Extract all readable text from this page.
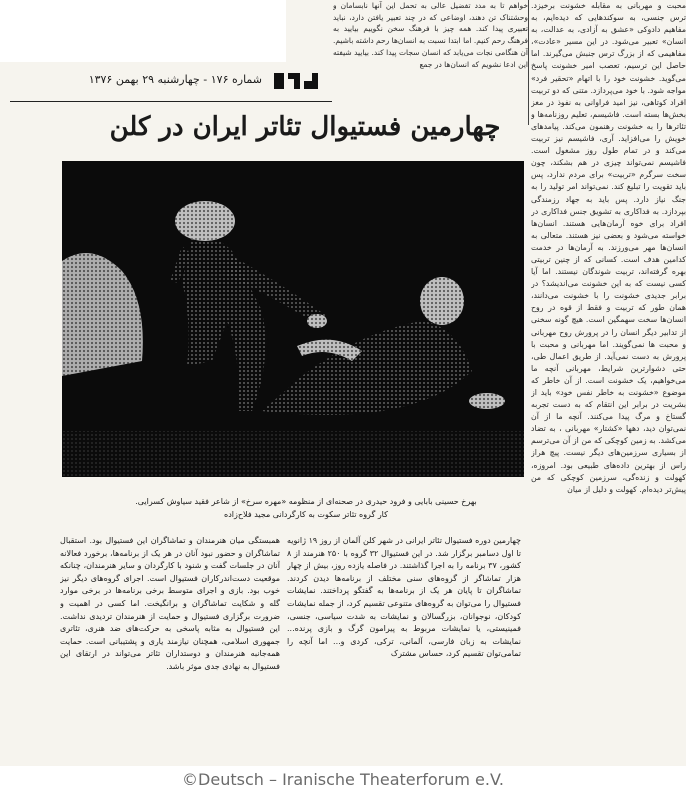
خواهم تا به مدد تفضیل عالی به تحمل این آنها نابسامان و وحشتناک تن دهند، اوضاعی که در چند تعبیر یافتن دارد، نباید تعبیری پیدا کند. همه چیز با فرهنگ سخن نگوییم بیایید به فرهنگ رحم کنیم. اما ابتدا نسبت به انسان‌ها رحم داشته باشیم. آن هنگامی نجات می‌یابد که انسان سجات پیدا کند. بیایید شیفته این ادعا نشویم که انسان‌ها در جمع

محبت و مهربانی به مقابله خشونت برخیزد. ترس جنسی، به سوکندهایی که دیده‌ایم، به مفاهیم دادوکی «عشق به آزادی، به عدالت، به انسان» تعبیر می‌شود. در این مسیر «عادت»، مفاهیمی که از بزرگ ترس جنبش می‌گیرند. اما حاصل این ترسیم، تعصب امیر خشونت پاسخ می‌گوید. خشونت خود را با اتهام «تحقیر فرد» مواجه شود. با خود می‌پردازد. متنی که دو تربیت افراد کوتاهی، نیز امید فراوانی به نفوذ در مغز بخش‌ها بسته است. فاشیسم، تعلیم روزنامه‌ها و تئاترها را به خشونت رهنمون می‌کند. پیامدهای خویش را می‌افزاید. آری، فاشیسم نیز تربیت می‌کند و در تمام طول روز مشغول است. فاشیسم نمی‌تواند چیزی در هم بشکند، چون سخت سرگرم «تربیت» برای مردم ندارد، پس باید تقویت را تبلیغ کند. نمی‌تواند امر تولید را به جنگ نیاز دارد. پس باید به جهاد رزمندگی بپردازد. به فداکاری به تشویق جنس فداکاری در افراد برای خوه آرمان‌هایی هستند. انسان‌ها خواسته می‌شود و بعضی نیز هستند. متعالی به انسان‌ها مهر می‌ورزند. به آرمان‌ها در خدمت کدامین هدف است. کسانی که از چنین تربیتی بهره گرفته‌اند، تربیت شوندگان نیستند. اما آیا کسی نیست که به این خشونت می‌اندیشد؟ در برابر جدیدی خشونت را با خشونت می‌دانند، همان طور که تربیت و فقط از قوه در روح انسان‌ها سخت سهمگین است. هیچ گونه سخنی از تدابیر دیگر انسان را در پرورش روح مهربانی و محبت ها نمی‌گویند. اما مهربانی و محبت با پرورش به دست نمی‌آید. از طریق اعمال طی، حتی دشوارترین شرایط، مهربانی آنچه ما می‌خواهیم، یک خشونت است. از آن خاطر که موضوع «خشونت به خاطر نفس خود» باید از بشریت در برابر این انتقام که به دست تجربه گستاخ و مرگ پیدا می‌کنند. آنچه ما از آن نمی‌توان دید، دهها «کشتار» مهربانی ، به تضاد می‌کشد. به زمین کوچکی که من از آن می‌ترسم از بسیاری سرزمین‌های دیگر نیست. پیچ هراز راس از بهترین داده‌های طبیعی بود. امروزه، کهولت و زنده‌گی، سرزمین کوچکی که من پیش‌تر دیده‌ام. کهولت و دلیل از میان

شماره ۱۷۶ - چهارشنبه ۲۹ بهمن ۱۳۷۶
چهارمین فستیوال تئاتر ایران در کلن
بهرخ حسینی بابایی و فرود حیدری در صحنه‌ای از منظومه «مهره سرخ» از شاعر فقید سیاوش کسرایی.
کار گروه تئاتر سکوت به کارگردانی مجید فلاح‌زاده

چهارمین دوره فستیوال تئاتر ایرانی در شهر کلن آلمان از روز ۱۹ ژانویه تا اول دسامبر برگزار شد. در این فستیوال ۳۲ گروه با ۲۵۰ هنرمند از ۸ کشور، ۳۷ برنامه را به اجرا گذاشتند. در فاصله یازده روز، بیش از چهار هزار تماشاگر از گروه‌های سنی مختلف از برنامه‌ها دیدن کردند. تماشاگران تا پایان هر یک از برنامه‌ها به گفتگو پرداختند. نمایشات فستیوال را می‌توان به گروه‌های متنوعی تقسیم کرد، از جمله نمایشات کودکان، نوجوانان، بزرگسالان و نمایشات به شدت سیاسی، جنسی، فمینیستی، یا نمایشات مربوط به پیرامون گرگ و بازی پرنده... نمایشات به زبان فارسی، آلمانی، ترکی، کردی و... اما آنچه را تمامی‌توان تقسیم کرد، حساس مشترک

همبستگی میان هنرمندان و تماشاگران این فستیوال بود. استقبال تماشاگران و حضور نبود آنان در هر یک از برنامه‌ها، برخورد فعالانه آنان در جلسات گفت و شنود با کارگردان و سایر هنرمندان، چنانکه موقعیت دست‌اندرکاران فستیوال است. اجرای گروه‌های دیگر نیز خوب بود. بازی و اجرای متوسط برخی برنامه‌ها در برخی موارد گله و شکایت تماشاگران و برانگیخت. اما کسی در اهمیت و ضرورت برگزاری فستیوال و حمایت از هنرمندان تردیدی نداشت. این فستیوال به مثابه پاسخی به حرکت‌های ضد هنری، تئاتری جمهوری اسلامی، همچنان نیازمند یاری و پشتیبانی است. حمایت همه‌جانبه هنرمندان و دوستداران تئاتر می‌تواند در ارتقای این فستیوال به نهادی جدی موثر باشد.

©Deutsch – Iranische Theaterforum e.V.
